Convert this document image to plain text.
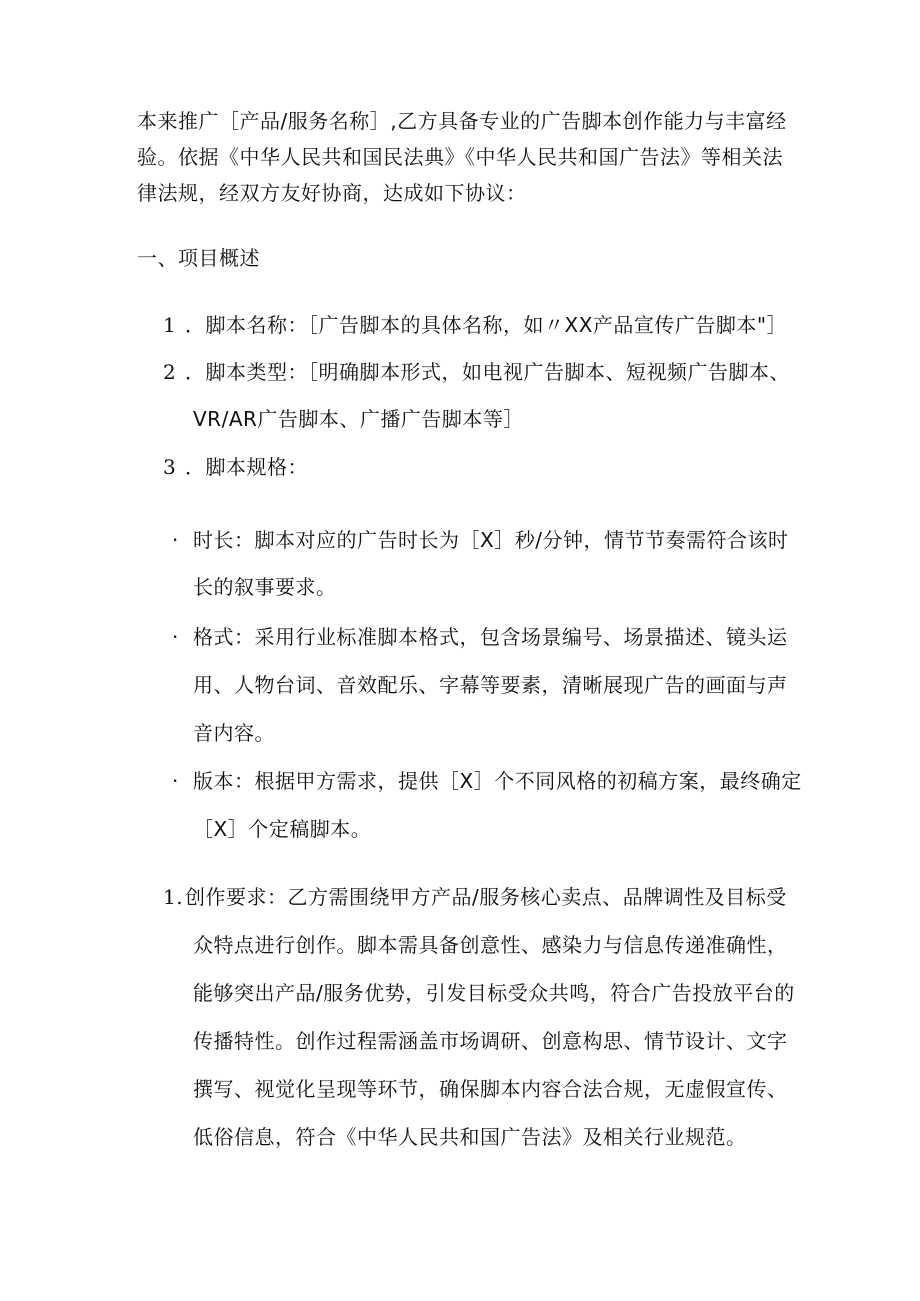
本来推广［产品/服务名称］,乙方具备专业的广告脚本创作能力与丰富经
验。依据《中华人民共和国民法典》《中华人民共和国广告法》等相关法
律法规，经双方友好协商，达成如下协议：
一、项目概述
1 ．脚本名称：［广告脚本的具体名称，如〃XX产品宣传广告脚本"］
2 ．脚本类型：［明确脚本形式，如电视广告脚本、短视频广告脚本、
VR/AR广告脚本、广播广告脚本等］
3 ．脚本规格：
· 时长：脚本对应的广告时长为［X］秒/分钟，情节节奏需符合该时
长的叙事要求。
· 格式：采用行业标准脚本格式，包含场景编号、场景描述、镜头运
用、人物台词、音效配乐、字幕等要素，清晰展现广告的画面与声
音内容。
· 版本：根据甲方需求，提供［X］个不同风格的初稿方案，最终确定
［X］个定稿脚本。
1. 创作要求：乙方需围绕甲方产品/服务核心卖点、品牌调性及目标受
众特点进行创作。脚本需具备创意性、感染力与信息传递准确性，
能够突出产品/服务优势，引发目标受众共鸣，符合广告投放平台的
传播特性。创作过程需涵盖市场调研、创意构思、情节设计、文字
撰写、视觉化呈现等环节，确保脚本内容合法合规，无虚假宣传、
低俗信息，符合《中华人民共和国广告法》及相关行业规范。
